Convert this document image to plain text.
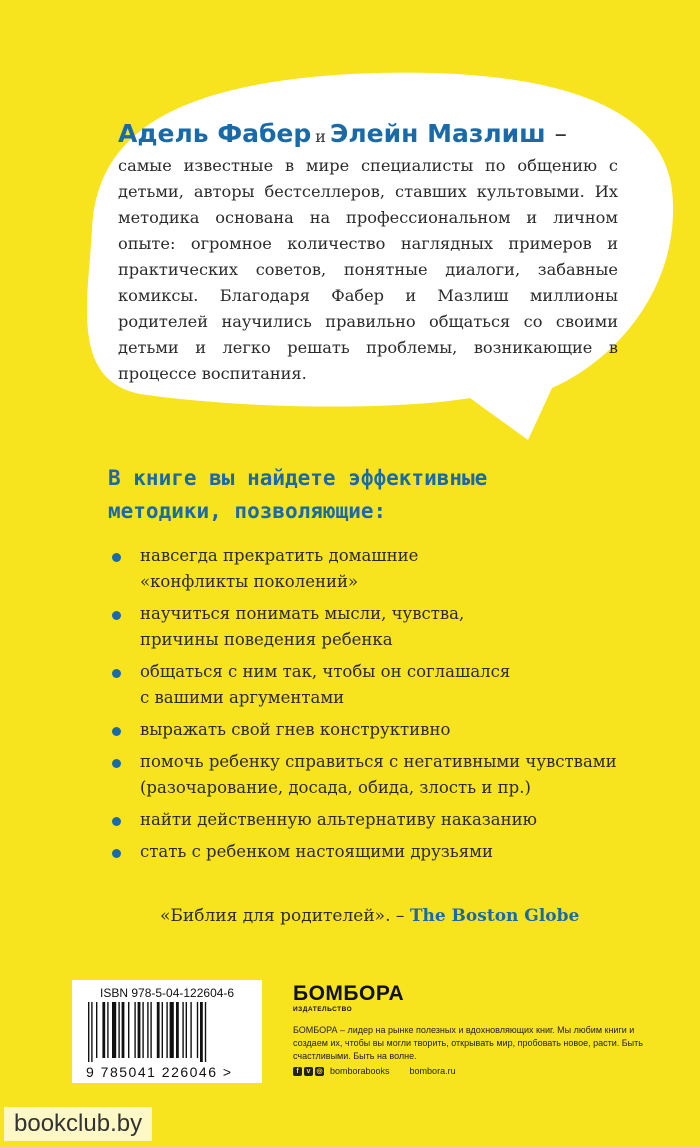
Адель Фабер и Элейн Мазлиш –
самые известные в мире специалисты по общению с детьми, авторы бестселлеров, ставших культовыми. Их методика основана на профессиональном и личном опыте: огромное количество наглядных примеров и практических советов, понятные диалоги, забавные комиксы. Благодаря Фабер и Мазлиш миллионы родителей научились правильно общаться со своими детьми и легко решать проблемы, возникающие в процессе воспитания.
В книге вы найдете эффективные
методики, позволяющие:
навсегда прекратить домашние
«конфликты поколений»
научиться понимать мысли, чувства,
причины поведения ребенка
общаться с ним так, чтобы он соглашался
с вашими аргументами
выражать свой гнев конструктивно
помочь ребенку справиться с негативными чувствами
(разочарование, досада, обида, злость и пр.)
найти действенную альтернативу наказанию
стать с ребенком настоящими друзьями
«Библия для родителей». – The Boston Globe
ISBN 978-5-04-122604-6
9 785041 226046 >
БОМБОРА
ИЗДАТЕЛЬСТВО
БОМБОРА – лидер на рынке полезных и вдохновляющих книг. Мы любим книги и создаем их, чтобы вы могли творить, открывать мир, пробовать новое, расти. Быть счастливыми. Быть на волне.
f	v ◎ bomborabooks bombora.ru
bookclub.by
